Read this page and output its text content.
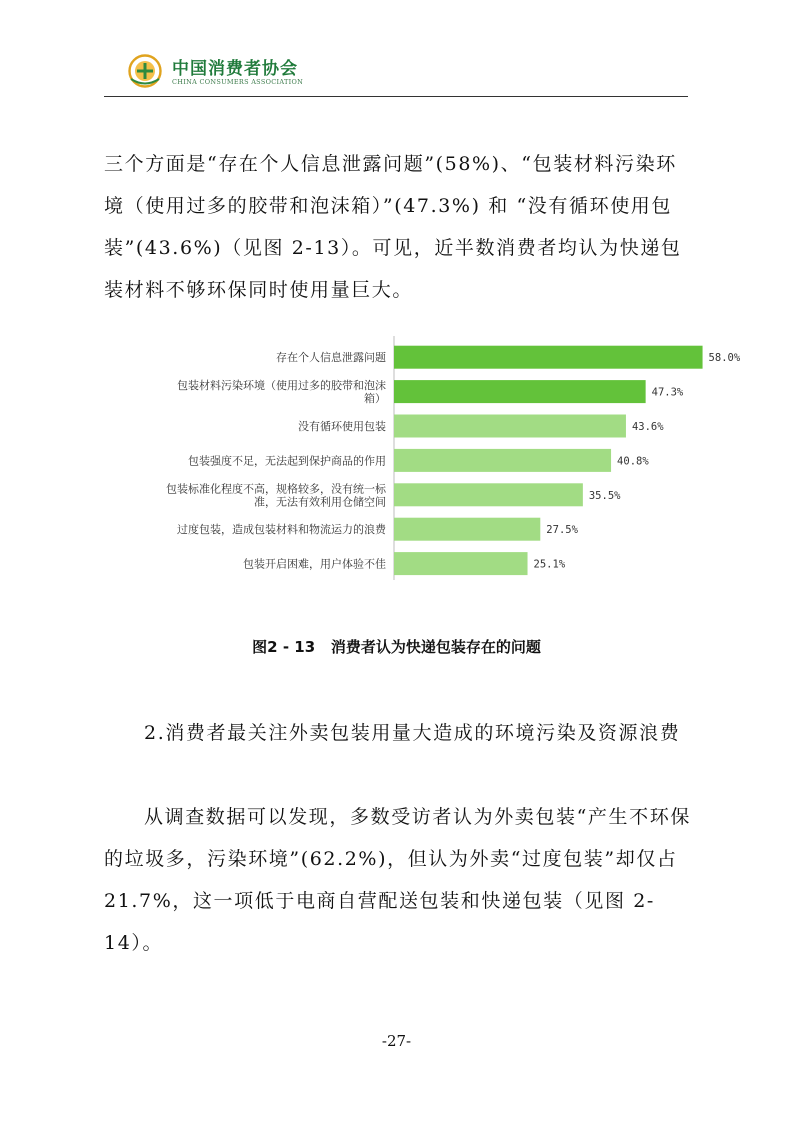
中国消费者协会
CHINA CONSUMERS ASSOCIATION

三个方面是“存在个人信息泄露问题”(58%)、“包装材料污染环境（使用过多的胶带和泡沫箱）”(47.3%) 和 “没有循环使用包装”(43.6%)（见图 2-13）。可见，近半数消费者均认为快递包装材料不够环保同时使用量巨大。

58.0%
存在个人信息泄露问题
47.3%
包装材料污染环境（使用过多的胶带和泡沫
箱）
43.6%
没有循环使用包装
40.8%
包装强度不足，无法起到保护商品的作用
35.5%
包装标准化程度不高，规格较多，没有统一标
准，无法有效利用仓储空间
27.5%
过度包装，造成包装材料和物流运力的浪费
25.1%
包装开启困难，用户体验不佳
图2 - 13   消费者认为快递包装存在的问题

2.消费者最关注外卖包装用量大造成的环境污染及资源浪费

从调查数据可以发现，多数受访者认为外卖包装“产生不环保的垃圾多，污染环境”(62.2%)，但认为外卖“过度包装”却仅占 21.7%，这一项低于电商自营配送包装和快递包装（见图 2-14）。

-27-
